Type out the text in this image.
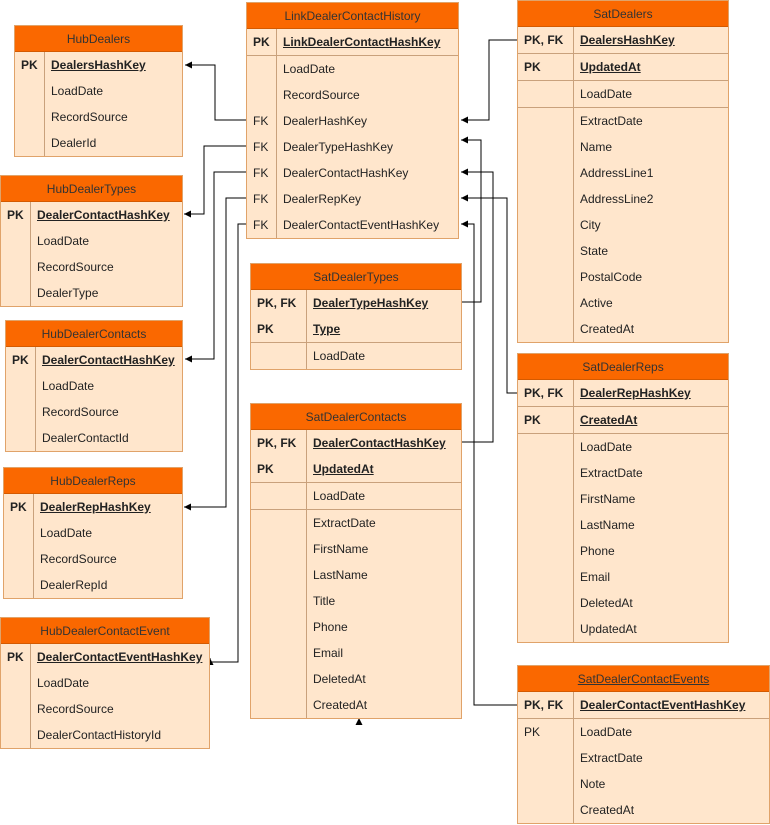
HubDealers
PK	DealersHashKey
LoadDate
RecordSource
DealerId
HubDealerTypes
PK	DealerContactHashKey
LoadDate
RecordSource
DealerType
HubDealerContacts
PK	DealerContactHashKey
LoadDate
RecordSource
DealerContactId
HubDealerReps
PK	DealerRepHashKey
LoadDate
RecordSource
DealerRepId
HubDealerContactEvent
PK	DealerContactEventHashKey
LoadDate
RecordSource
DealerContactHistoryId
LinkDealerContactHistory
PK	LinkDealerContactHashKey
LoadDate
RecordSource
FK	DealerHashKey
FK	DealerTypeHashKey
FK	DealerContactHashKey
FK	DealerRepKey
FK	DealerContactEventHashKey
SatDealerTypes
PK, FK	DealerTypeHashKey
PK	Type
LoadDate
SatDealerContacts
PK, FK	DealerContactHashKey
PK	UpdatedAt
LoadDate
ExtractDate
FirstName
LastName
Title
Phone
Email
DeletedAt
CreatedAt
SatDealers
PK, FK	DealersHashKey
PK	UpdatedAt
LoadDate
ExtractDate
Name
AddressLine1
AddressLine2
City
State
PostalCode
Active
CreatedAt
SatDealerReps
PK, FK	DealerRepHashKey
PK	CreatedAt
LoadDate
ExtractDate
FirstName
LastName
Phone
Email
DeletedAt
UpdatedAt
SatDealerContactEvents
PK, FK	DealerContactEventHashKey
PK	LoadDate
ExtractDate
Note
CreatedAt
